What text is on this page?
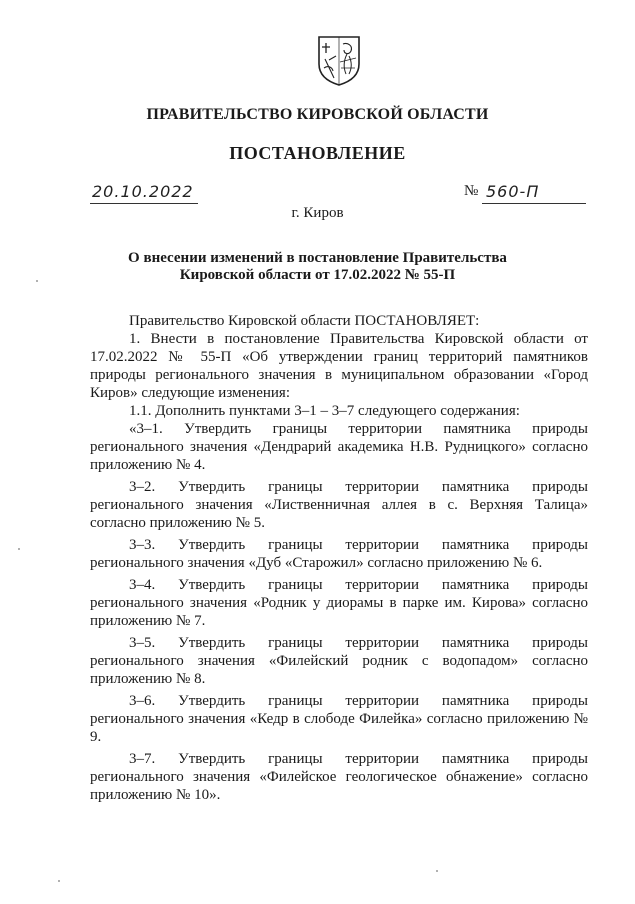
ПРАВИТЕЛЬСТВО КИРОВСКОЙ ОБЛАСТИ
ПОСТАНОВЛЕНИЕ
20.10.2022	№ 560-П
г. Киров
О внесении изменений в постановление Правительства
Кировской области от 17.02.2022 № 55-П

Правительство Кировской области ПОСТАНОВЛЯЕТ:

1. Внести в постановление Правительства Кировской области от 17.02.2022 № 55-П «Об утверждении границ территорий памятников природы регионального значения в муниципальном образовании «Город Киров» следующие изменения:

1.1. Дополнить пунктами 3–1 – 3–7 следующего содержания:

«3–1. Утвердить границы территории памятника природы регионального значения «Дендрарий академика Н.В. Рудницкого» согласно приложению № 4.

3–2. Утвердить границы территории памятника природы регионального значения «Лиственничная аллея в с. Верхняя Талица» согласно приложению № 5.

3–3. Утвердить границы территории памятника природы регионального значения «Дуб «Старожил» согласно приложению № 6.

3–4. Утвердить границы территории памятника природы регионального значения «Родник у диорамы в парке им. Кирова» согласно приложению № 7.

3–5. Утвердить границы территории памятника природы регионального значения «Филейский родник с водопадом» согласно приложению № 8.

3–6. Утвердить границы территории памятника природы регионального значения «Кедр в слободе Филейка» согласно приложению № 9.

3–7. Утвердить границы территории памятника природы регионального значения «Филейское геологическое обнажение» согласно приложению № 10».
